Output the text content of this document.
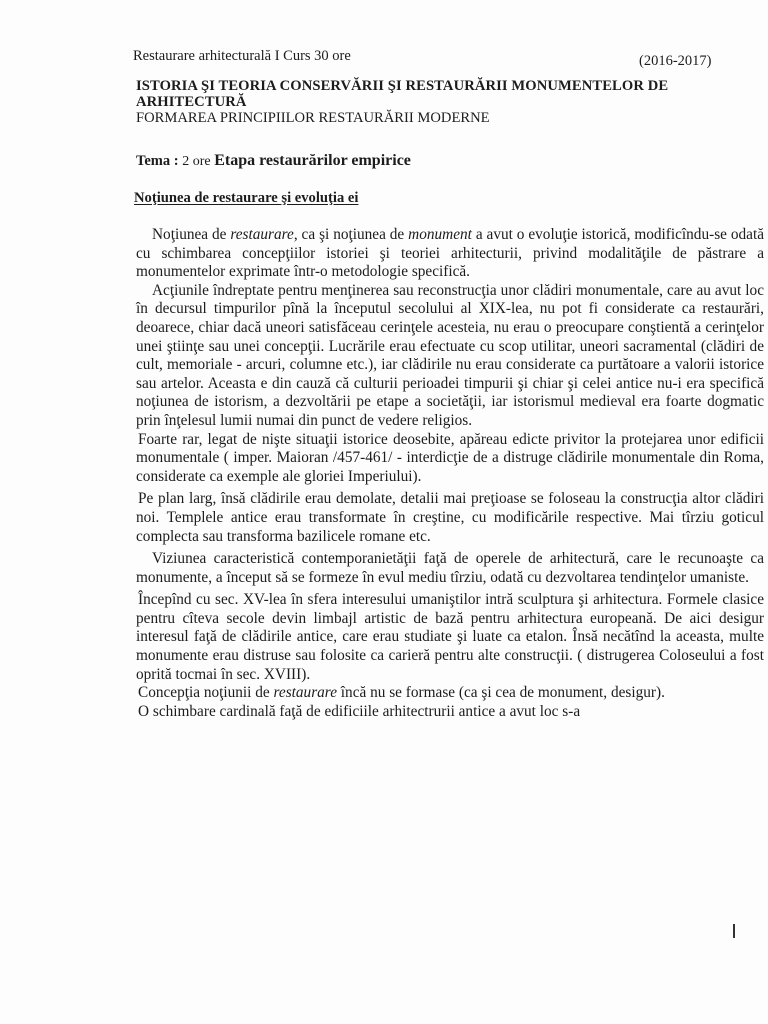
Restaurare arhitecturală I Curs 30 ore	(2016-2017)

ISTORIA ŞI TEORIA CONSERVĂRII ŞI RESTAURĂRII MONUMENTELOR DE ARHITECTURĂ

FORMAREA PRINCIPIILOR RESTAURĂRII MODERNE

Tema : 2 ore Etapa restaurărilor empirice
Noţiunea de restaurare şi evoluţia ei

Noţiunea de restaurare, ca şi noţiunea de monument a avut o evoluţie istorică, modificîndu-se odată cu schimbarea concepţiilor istoriei şi teoriei arhitecturii, privind modalităţile de păstrare a monumentelor exprimate într-o metodologie specifică.

Acţiunile îndreptate pentru menţinerea sau reconstrucţia unor clădiri monumentale, care au avut loc în decursul timpurilor pînă la începutul secolului al XIX-lea, nu pot fi considerate ca restaurări, deoarece, chiar dacă uneori satisfăceau cerinţele acesteia, nu erau o preocupare conştientă a cerinţelor unei ştiinţe sau unei concepţii. Lucrările erau efectuate cu scop utilitar, uneori sacramental (clădiri de cult, memoriale - arcuri, columne etc.), iar clădirile nu erau considerate ca purtătoare a valorii istorice sau artelor. Aceasta e din cauză că culturii perioadei timpurii şi chiar şi celei antice nu-i era specifică noţiunea de istorism, a dezvoltării pe etape a societăţii, iar istorismul medieval era foarte dogmatic prin înţelesul lumii numai din punct de vedere religios.

Foarte rar, legat de nişte situaţii istorice deosebite, apăreau edicte privitor la protejarea unor edificii monumentale ( imper. Maioran /457-461/ - interdicţie de a distruge clădirile monumentale din Roma, considerate ca exemple ale gloriei Imperiului).

Pe plan larg, însă clădirile erau demolate, detalii mai preţioase se foloseau la construcţia altor clădiri noi. Templele antice erau transformate în creştine, cu modificările respective. Mai tîrziu goticul complecta sau transforma bazilicele romane etc.

Viziunea caracteristică contemporanietăţii faţă de operele de arhitectură, care le recunoaşte ca monumente, a început să se formeze în evul mediu tîrziu, odată cu dezvoltarea tendinţelor umaniste.

Începînd cu sec. XV-lea în sfera interesului umaniştilor intră sculptura şi arhitectura. Formele clasice pentru cîteva secole devin limbajl artistic de bază pentru arhitectura europeană. De aici desigur interesul faţă de clădirile antice, care erau studiate şi luate ca etalon. Însă necătînd la aceasta, multe monumente erau distruse sau folosite ca carieră pentru alte construcţii. ( distrugerea Coloseului a fost oprită tocmai în sec. XVIII).

Concepţia noţiunii de restaurare încă nu se formase (ca şi cea de monument, desigur).

O schimbare cardinală faţă de edificiile arhitectrurii antice a avut loc s-a
